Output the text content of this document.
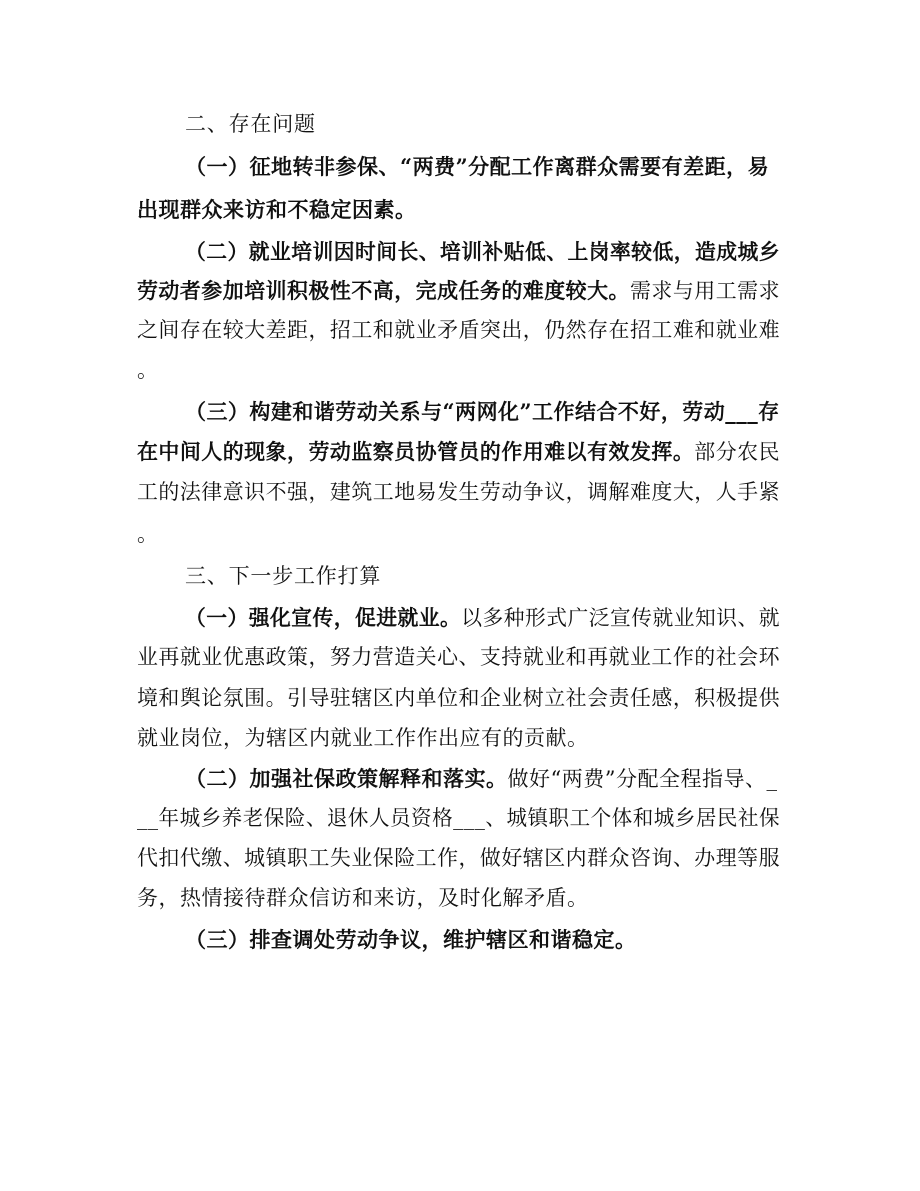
二、存在问题
（一）征地转非参保、“两费”分配工作离群众需要有差距，易
出现群众来访和不稳定因素。
（二）就业培训因时间长、培训补贴低、上岗率较低，造成城乡
劳动者参加培训积极性不高，完成任务的难度较大。需求与用工需求
之间存在较大差距，招工和就业矛盾突出，仍然存在招工难和就业难
。
（三）构建和谐劳动关系与“两网化”工作结合不好，劳动___存
在中间人的现象，劳动监察员协管员的作用难以有效发挥。部分农民
工的法律意识不强，建筑工地易发生劳动争议，调解难度大，人手紧
。
三、下一步工作打算
（一）强化宣传，促进就业。以多种形式广泛宣传就业知识、就
业再就业优惠政策，努力营造关心、支持就业和再就业工作的社会环
境和舆论氛围。引导驻辖区内单位和企业树立社会责任感，积极提供
就业岗位，为辖区内就业工作作出应有的贡献。
（二）加强社保政策解释和落实。做好“两费”分配全程指导、_
__年城乡养老保险、退休人员资格___、城镇职工个体和城乡居民社保
代扣代缴、城镇职工失业保险工作，做好辖区内群众咨询、办理等服
务，热情接待群众信访和来访，及时化解矛盾。
（三）排查调处劳动争议，维护辖区和谐稳定。
